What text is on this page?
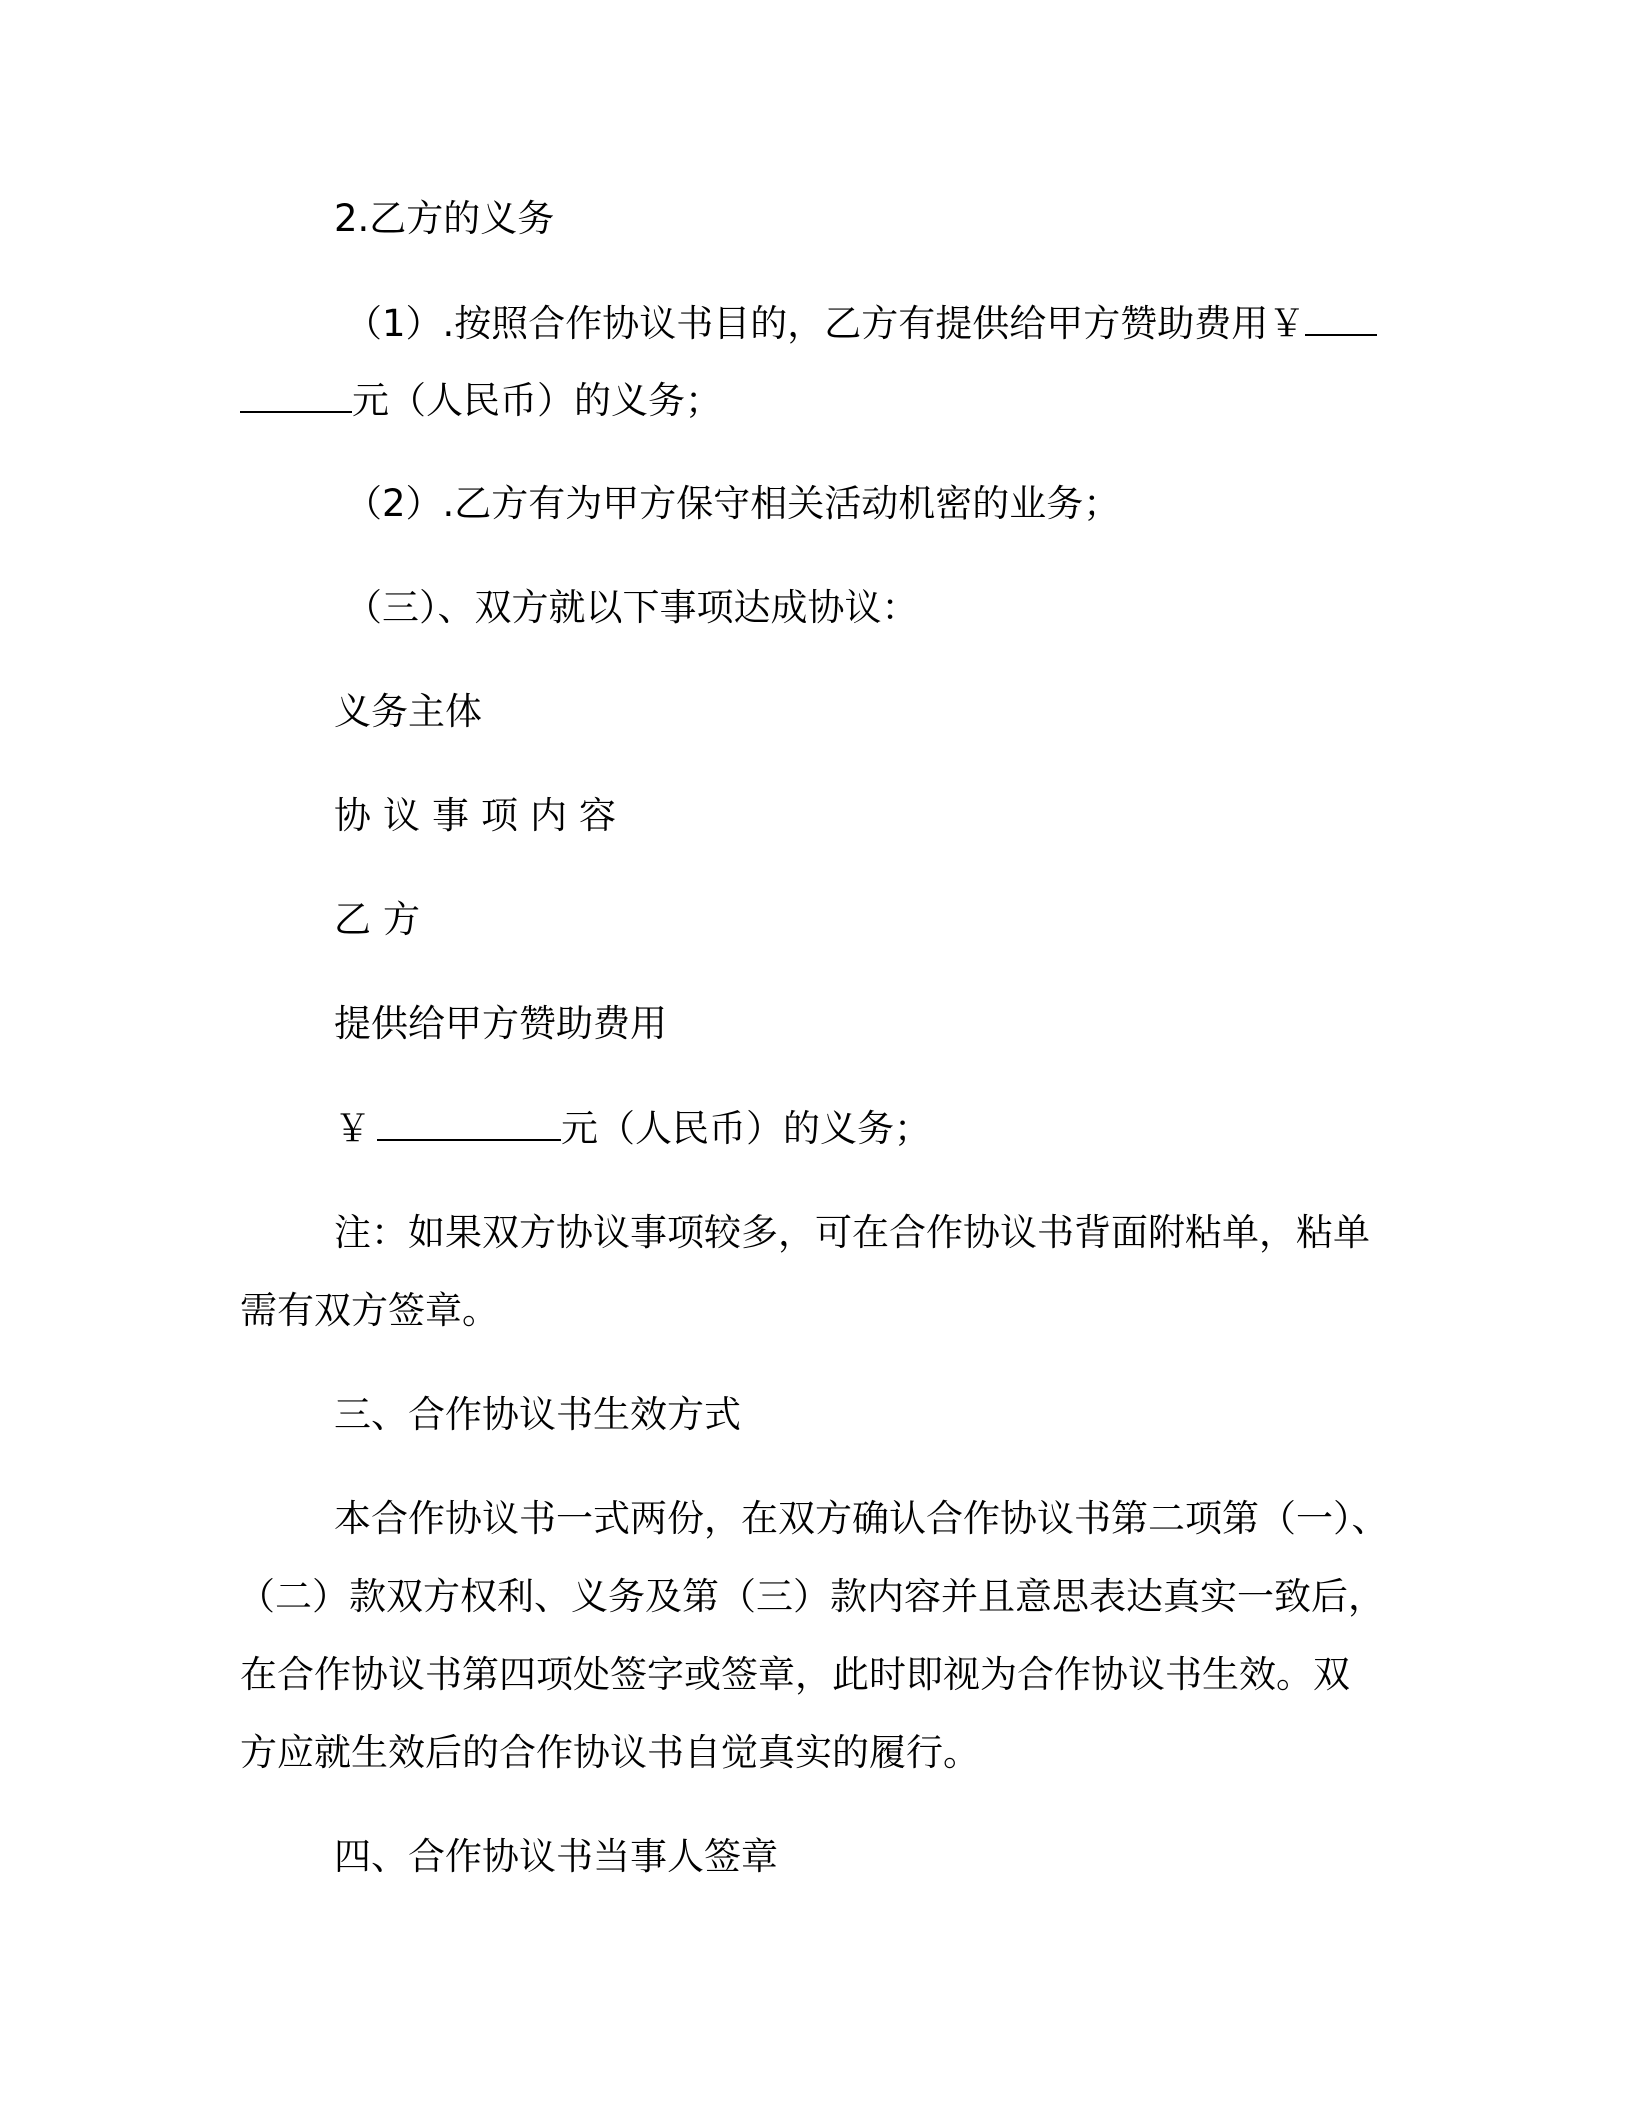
2.乙方的义务
（1）.按照合作协议书目的，乙方有提供给甲方赞助费用￥
元（人民币）的义务；
（2）.乙方有为甲方保守相关活动机密的业务；
（三）、双方就以下事项达成协议：
义务主体
协议事项内容
乙方
提供给甲方赞助费用
￥	元（人民币）的义务；
注：如果双方协议事项较多，可在合作协议书背面附粘单，粘单
需有双方签章。
三、合作协议书生效方式
本合作协议书一式两份，在双方确认合作协议书第二项第（一）、
（二）款双方权利、义务及第（三）款内容并且意思表达真实一致后，
在合作协议书第四项处签字或签章，此时即视为合作协议书生效。双
方应就生效后的合作协议书自觉真实的履行。
四、合作协议书当事人签章
